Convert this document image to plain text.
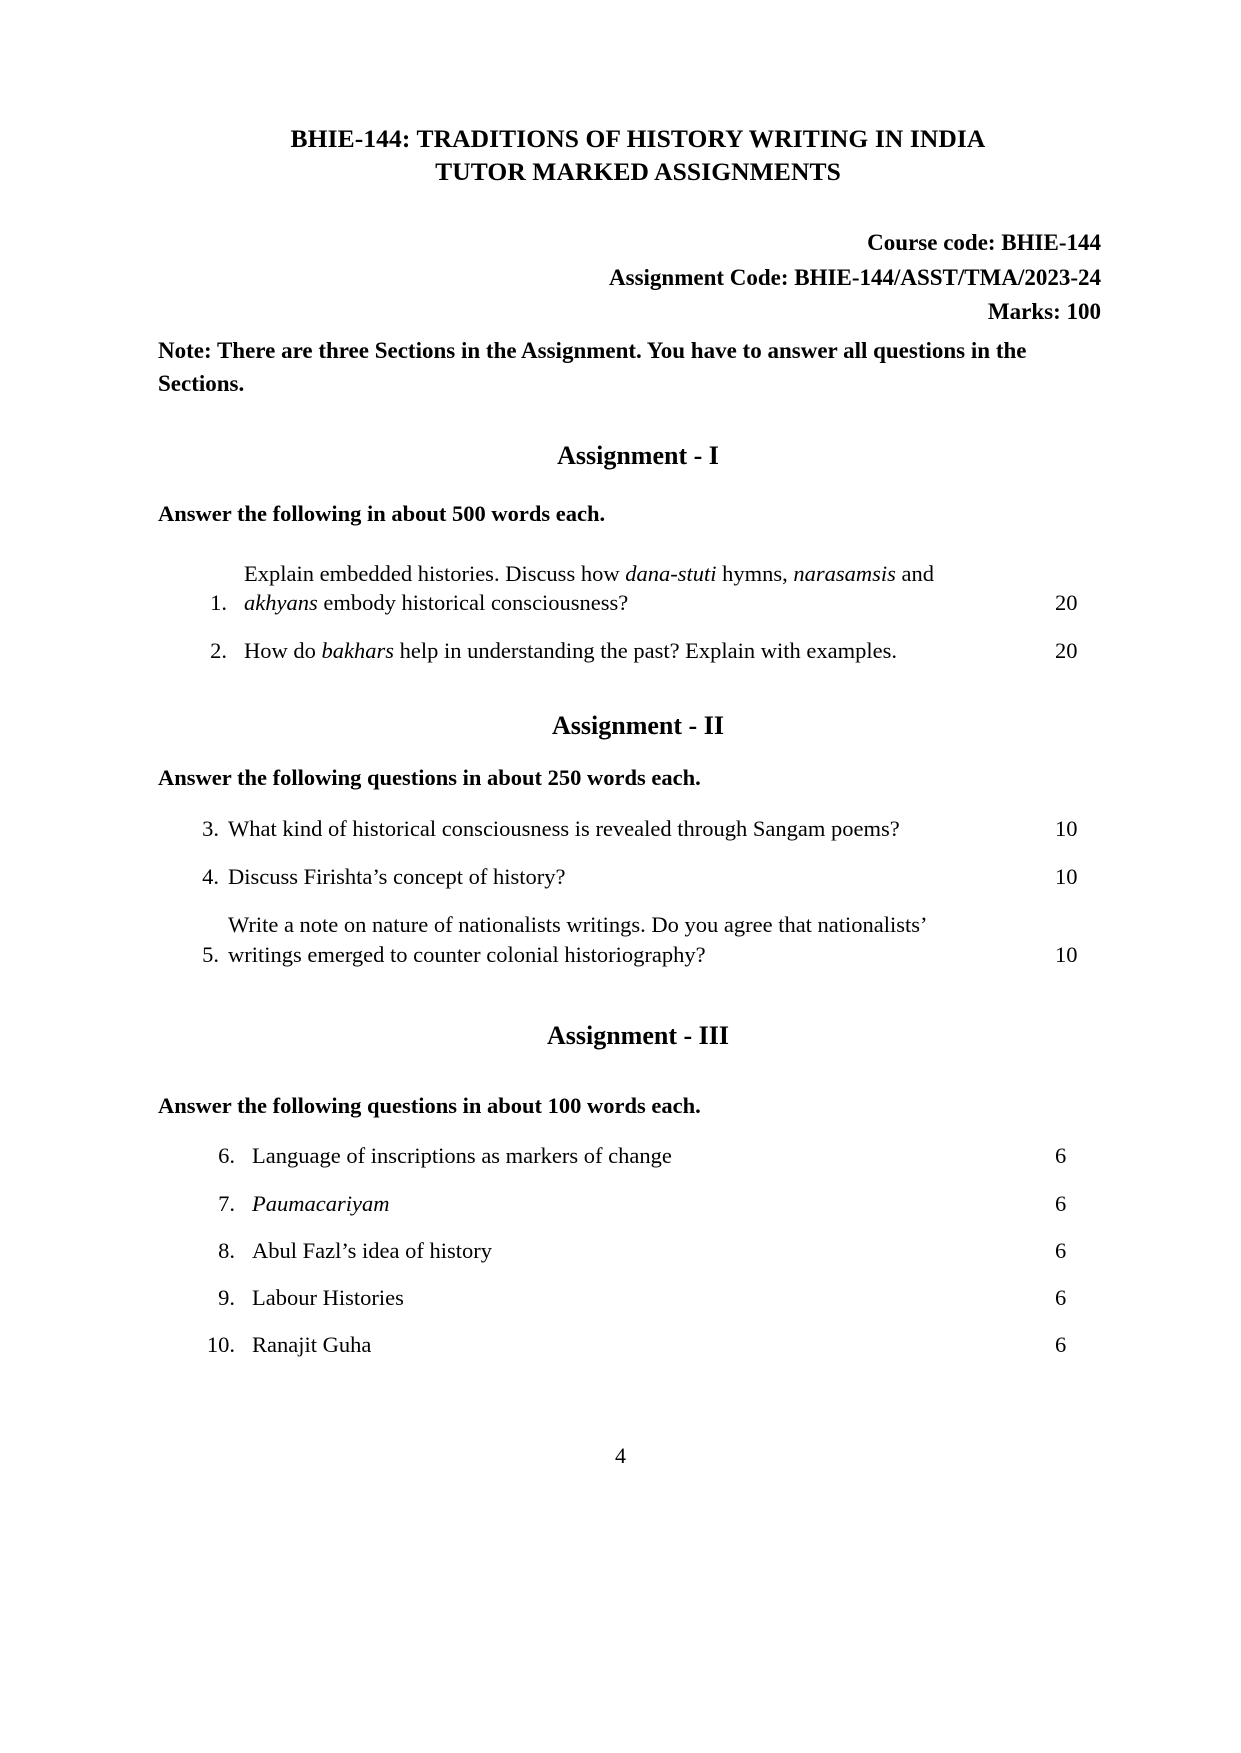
BHIE-144: TRADITIONS OF HISTORY WRITING IN INDIA
TUTOR MARKED ASSIGNMENTS
Course code: BHIE-144
Assignment Code: BHIE-144/ASST/TMA/2023-24
Marks: 100

Note: There are three Sections in the Assignment. You have to answer all questions in the Sections.

Assignment - I

Answer the following in about 500 words each.

1.
Explain embedded histories. Discuss how dana-stuti hymns, narasamsis and
akhyans embody historical consciousness?	20
2. How do bakhars help in understanding the past? Explain with examples.	20
Assignment - II

Answer the following questions in about 250 words each.

3. What kind of historical consciousness is revealed through Sangam poems?	10
4. Discuss Firishta’s concept of history?	10
5.
Write a note on nature of nationalists writings. Do you agree that nationalists’
writings emerged to counter colonial historiography?	10
Assignment - III

Answer the following questions in about 100 words each.

6. Language of inscriptions as markers of change	6
7. Paumacariyam	6
8. Abul Fazl’s idea of history	6
9. Labour Histories	6
10. Ranajit Guha	6
4
